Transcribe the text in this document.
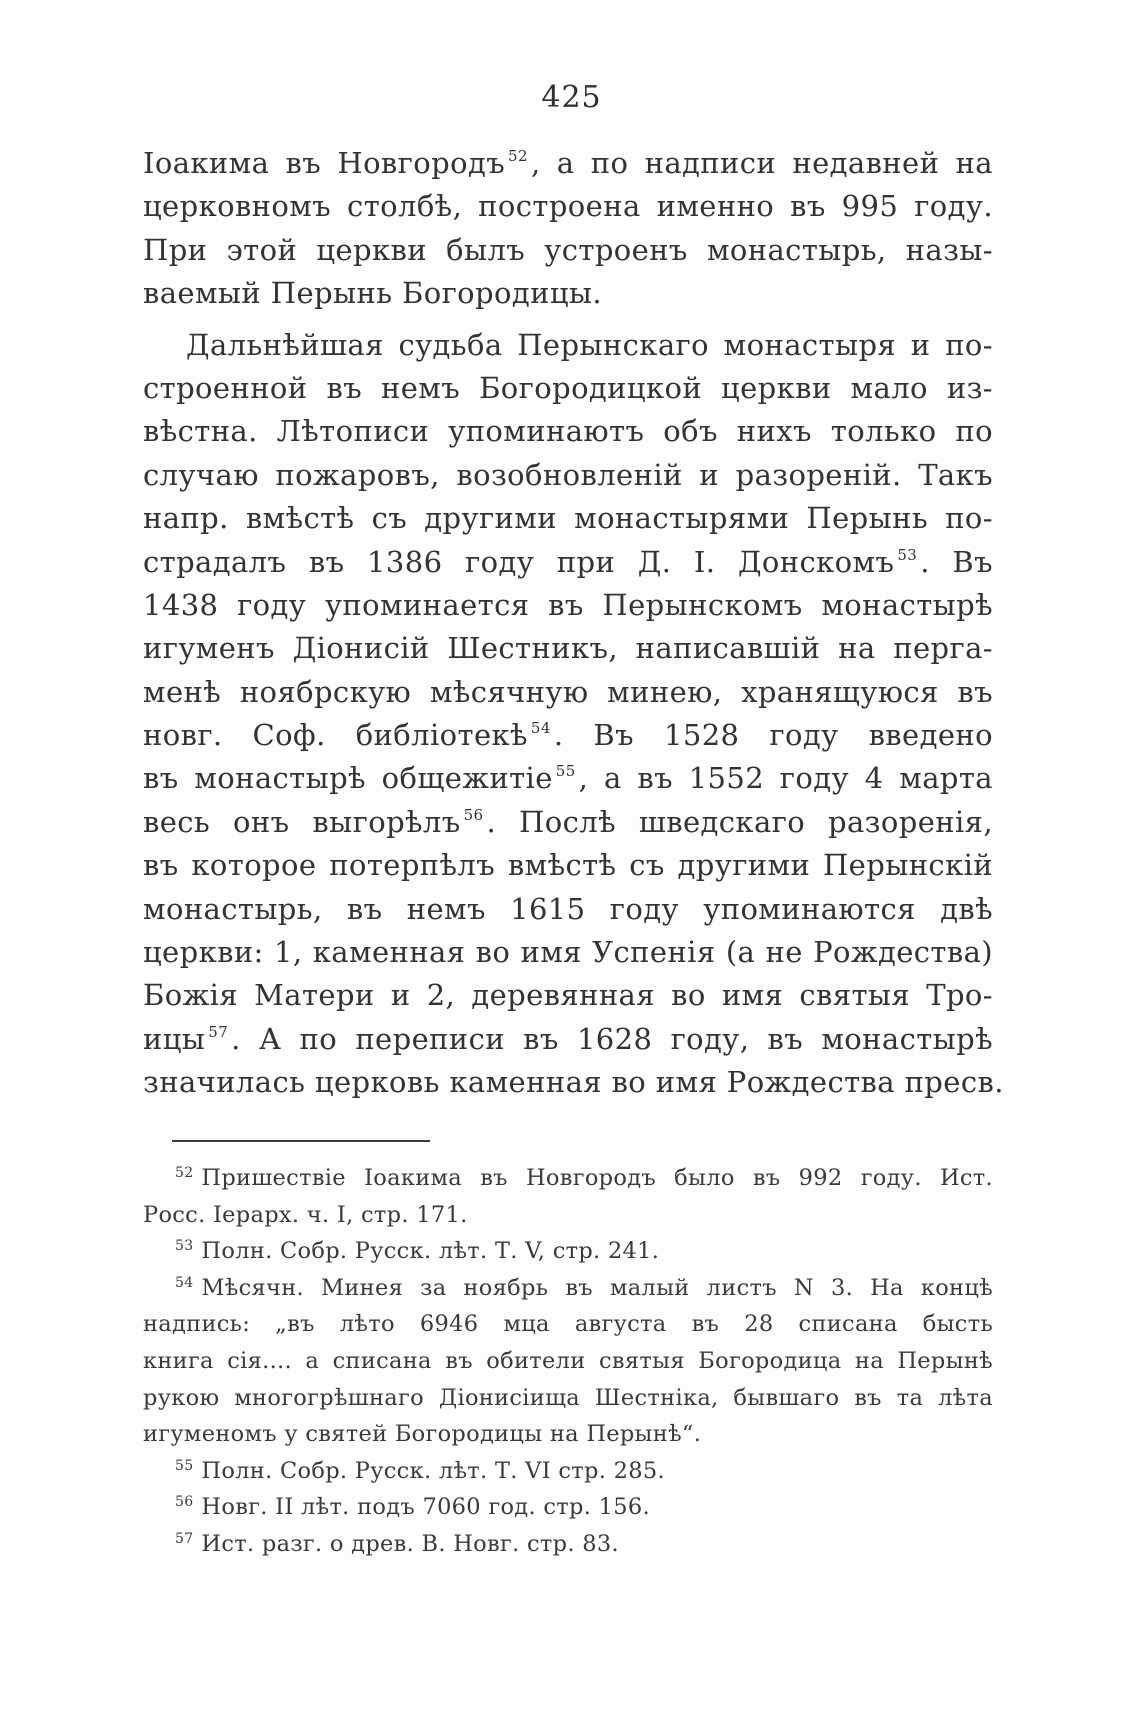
425
Іоакима въ Новгородъ $^{52}$ , а по надписи недавней на
церковномъ столбѣ, построена именно въ 995 году.
При этой церкви былъ устроенъ монастырь, назы-
ваемый Перынь Богородицы.
Дальнѣйшая судьба Перынскаго монастыря и по-
строенной въ немъ Богородицкой церкви мало из-
вѣстна. Лѣтописи упоминаютъ объ нихъ только по
случаю пожаровъ, возобновленій и разореній. Такъ
напр. вмѣстѣ съ другими монастырями Перынь по-
страдалъ въ 1386 году при Д. І. Донскомъ $^{53}$ . Въ
1438 году упоминается въ Перынскомъ монастырѣ
игуменъ Діонисій Шестникъ, написавшій на перга-
менѣ ноябрскую мѣсячную минею, хранящуюся въ
новг. Соф. библіотекѣ $^{54}$ . Въ 1528 году введено
въ монастырѣ общежитіе $^{55}$ , а въ 1552 году 4 марта
весь онъ выгорѣлъ $^{56}$ . Послѣ шведскаго разоренія,
въ которое потерпѣлъ вмѣстѣ съ другими Перынскій
монастырь, въ немъ 1615 году упоминаются двѣ
церкви: 1, каменная во имя Успенія (а не Рождества)
Божія Матери и 2, деревянная во имя святыя Тро-
ицы $^{57}$ . А по переписи въ 1628 году, въ монастырѣ
значилась церковь каменная во имя Рождества пресв.
$^{52}$ Пришествіе Іоакима въ Новгородъ было въ 992 году. Ист.
Росс. Іерарх. ч. І, стр. 171.
$^{53}$ Полн. Собр. Русск. лѣт. Т. V, стр. 241.
$^{54}$ Мѣсячн. Минея за ноябрь въ малый листъ N 3. На концѣ
надпись: „въ лѣто 6946 мца августа въ 28 списана бысть
книга сія.... а списана въ обители святыя Богородица на Перынѣ
рукою многогрѣшнаго Діонисіища Шестніка, бывшаго въ та лѣта
игуменомъ у святей Богородицы на Перынѣ“.
$^{55}$ Полн. Собр. Русск. лѣт. Т. VI стр. 285.
$^{56}$ Новг. II лѣт. подъ 7060 год. стр. 156.
$^{57}$ Ист. разг. о древ. В. Новг. стр. 83.
